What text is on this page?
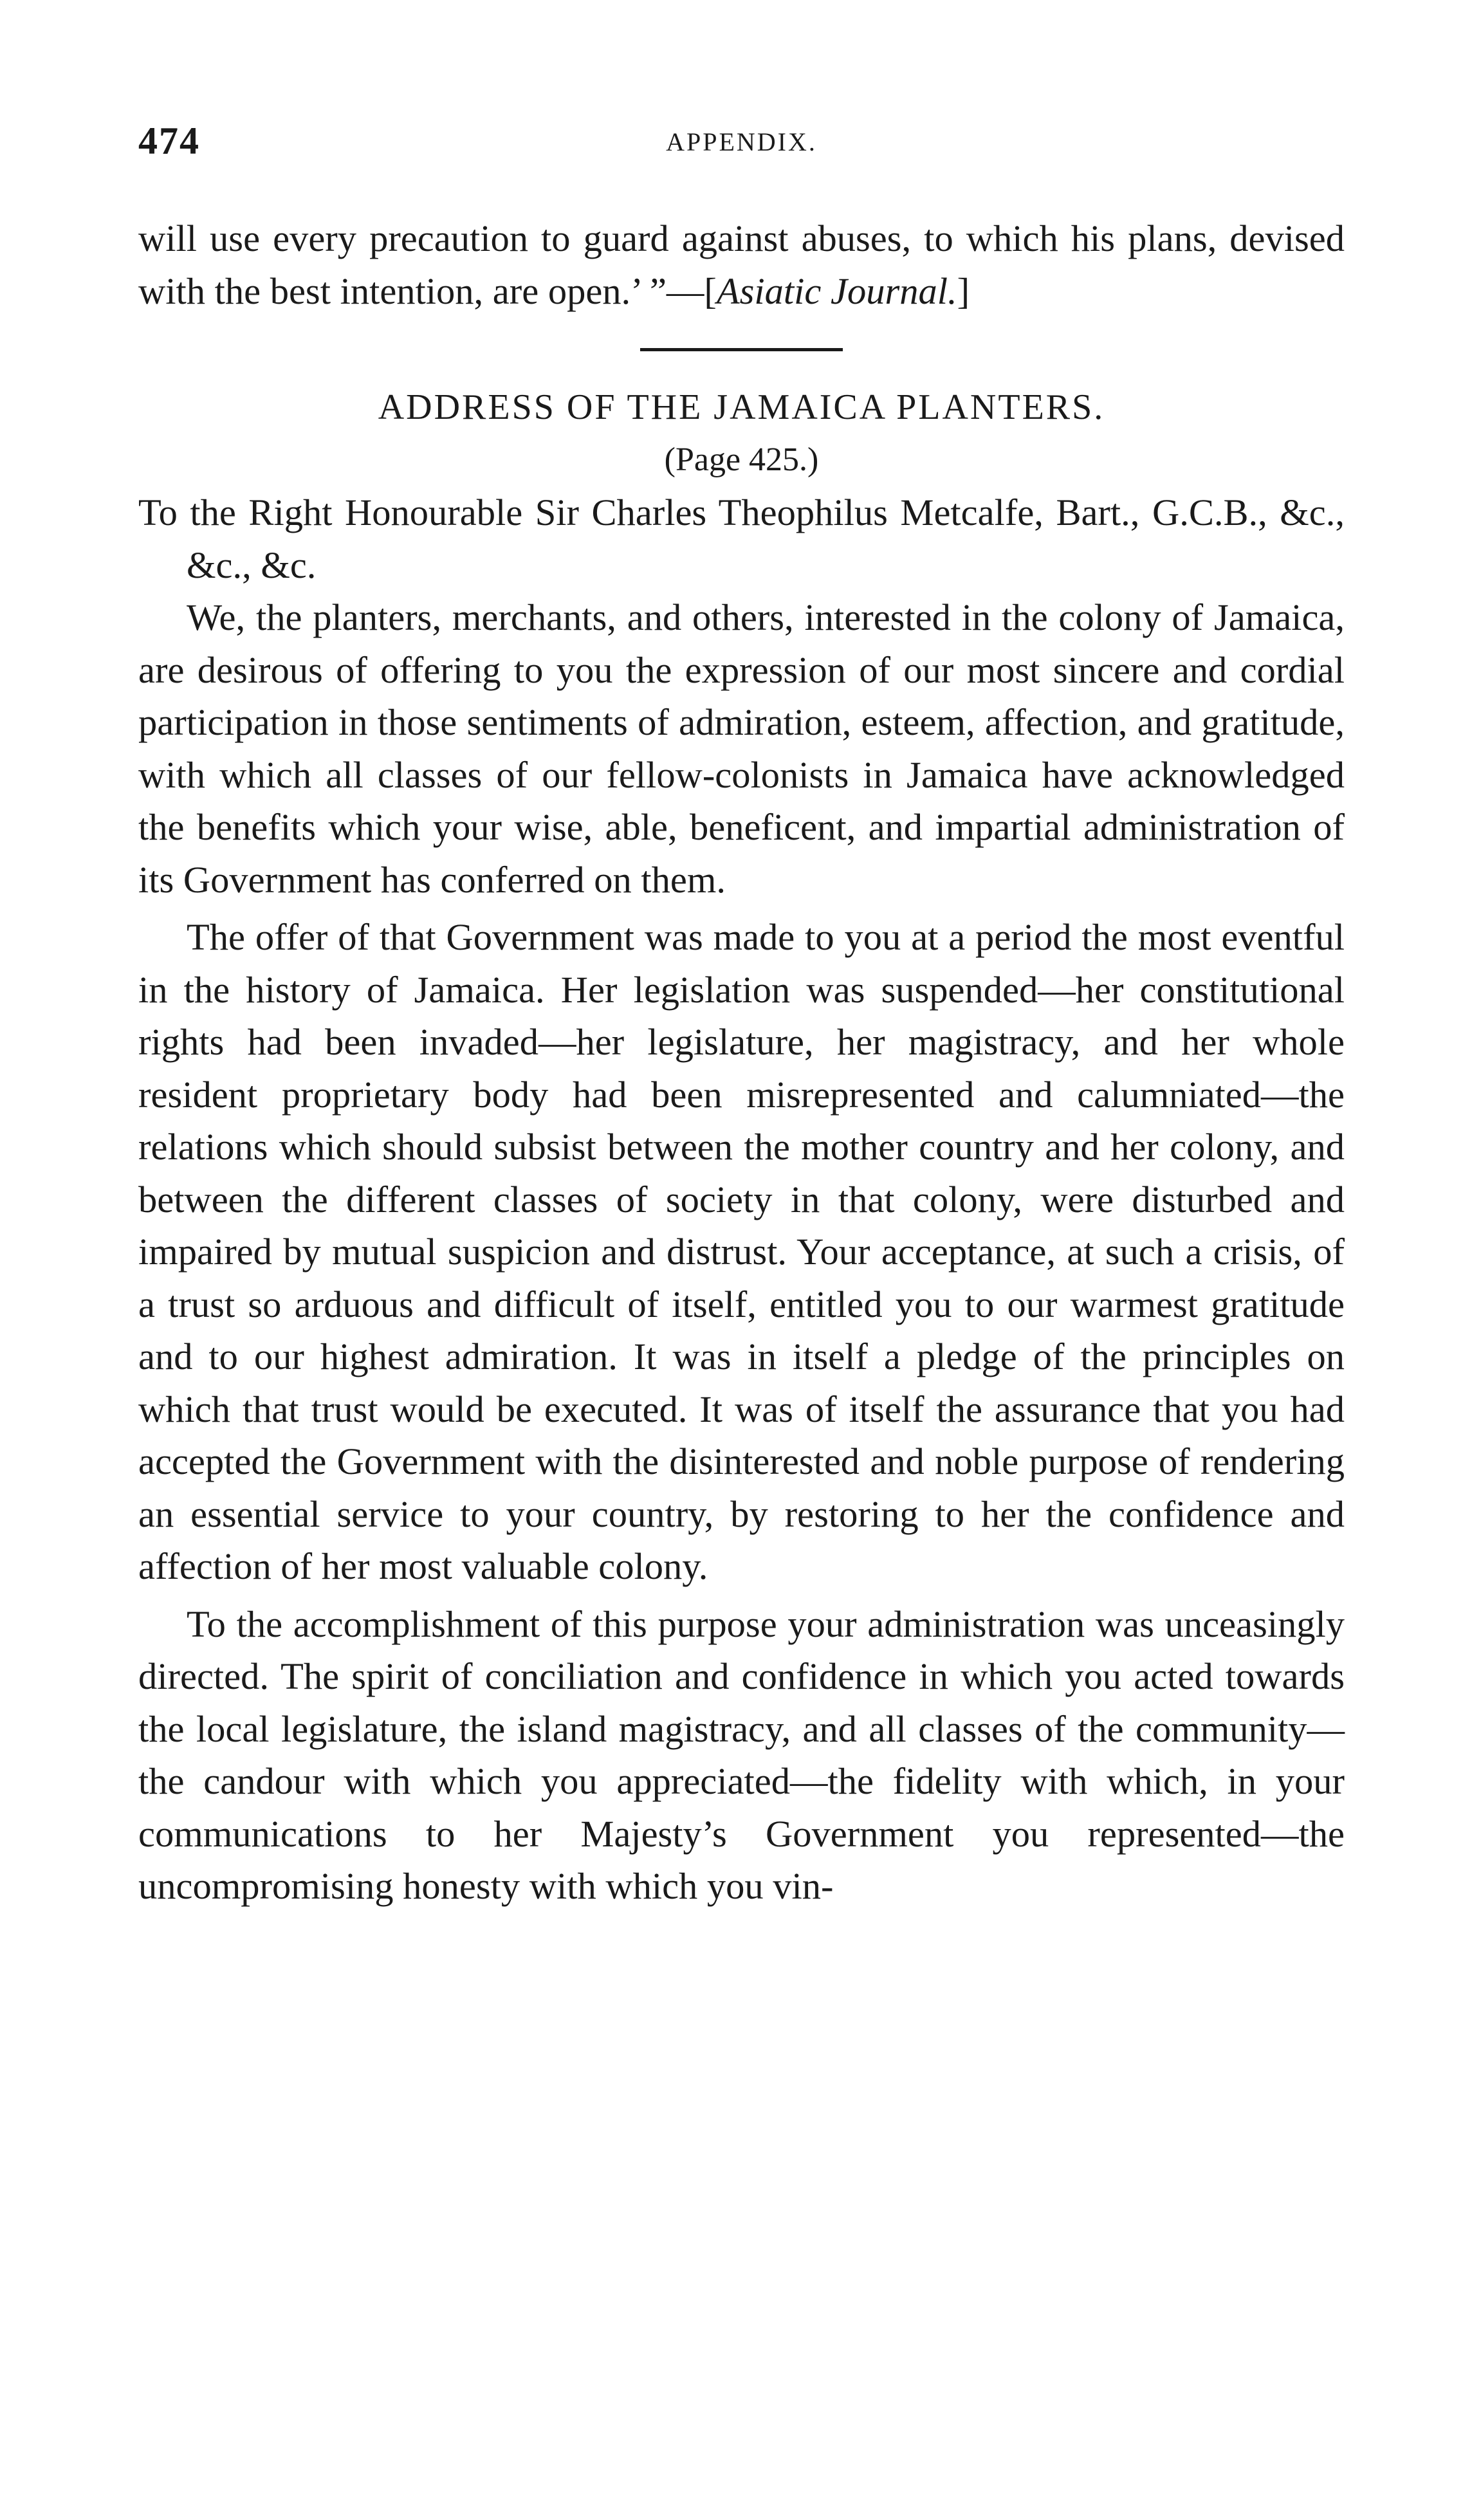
474	APPENDIX.

will use every precaution to guard against abuses, to which his plans, devised with the best intention, are open.’ ”—[Asiatic Journal.]

ADDRESS OF THE JAMAICA PLANTERS.
(Page 425.)

To the Right Honourable Sir Charles Theophilus Metcalfe, Bart., G.C.B., &c., &c., &c.

We, the planters, merchants, and others, interested in the colony of Jamaica, are desirous of offering to you the expression of our most sincere and cordial participation in those sentiments of admiration, esteem, affection, and gratitude, with which all classes of our fellow-colonists in Jamaica have acknowledged the benefits which your wise, able, beneficent, and impartial administration of its Government has conferred on them.

The offer of that Government was made to you at a period the most eventful in the history of Jamaica. Her legislation was suspended—her constitutional rights had been invaded—her legislature, her magistracy, and her whole resident proprietary body had been misrepresented and calumniated—the relations which should subsist between the mother country and her colony, and between the different classes of society in that colony, were disturbed and impaired by mutual suspicion and distrust. Your acceptance, at such a crisis, of a trust so arduous and difficult of itself, entitled you to our warmest gratitude and to our highest admiration. It was in itself a pledge of the principles on which that trust would be executed. It was of itself the assurance that you had accepted the Government with the disinterested and noble purpose of rendering an essential service to your country, by restoring to her the confidence and affection of her most valuable colony.

To the accomplishment of this purpose your administration was unceasingly directed. The spirit of conciliation and confidence in which you acted towards the local legislature, the island magistracy, and all classes of the community—the candour with which you appreciated—the fidelity with which, in your communications to her Majesty’s Government you represented—the uncompromising honesty with which you vin-
